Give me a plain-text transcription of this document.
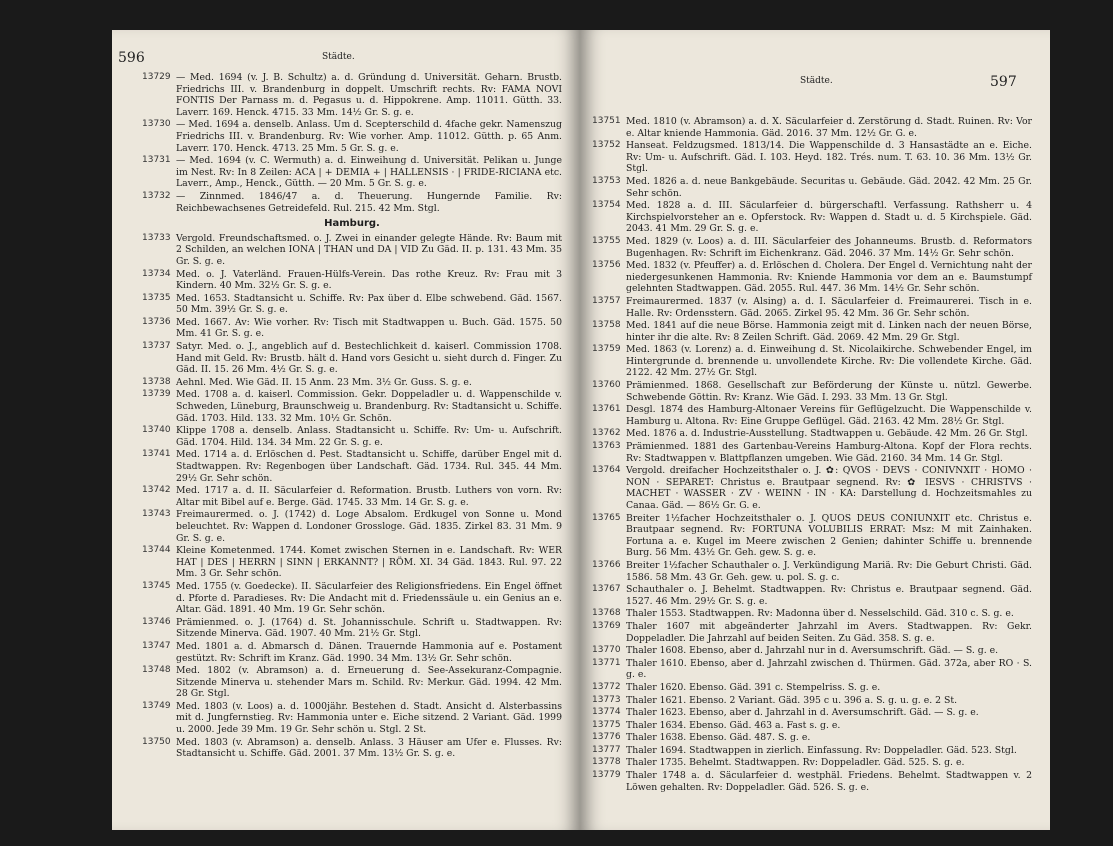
596	Städte.
13729 — Med. 1694 (v. J. B. Schultz) a. d. Gründung d. Universität. Geharn. Brustb. Friedrichs III. v. Brandenburg in doppelt. Umschrift rechts. Rv: FAMA NOVI FONTIS Der Parnass m. d. Pegasus u. d. Hippokrene. Amp. 11011. Gütth. 33. Laverr. 169. Henck. 4715. 33 Mm. 14½ Gr. S. g. e.
13730 — Med. 1694 a. denselb. Anlass. Um d. Scepterschild d. 4fache gekr. Namenszug Friedrichs III. v. Brandenburg. Rv: Wie vorher. Amp. 11012. Gütth. p. 65 Anm. Laverr. 170. Henck. 4713. 25 Mm. 5 Gr. S. g. e.
13731 — Med. 1694 (v. C. Wermuth) a. d. Einweihung d. Universität. Pelikan u. Junge im Nest. Rv: In 8 Zeilen: ACA | + DEMIA + | HALLENSIS · | FRIDE-RICIANA etc. Laverr., Amp., Henck., Gütth. — 20 Mm. 5 Gr. S. g. e.
13732 — Zinnmed. 1846/47 a. d. Theuerung. Hungernde Familie. Rv: Reichbewachsenes Getreidefeld. Rul. 215. 42 Mm. Stgl.
Hamburg.
13733 Vergold. Freundschaftsmed. o. J. Zwei in einander gelegte Hände. Rv: Baum mit 2 Schilden, an welchen IONA | THAN und DA | VID Zu Gäd. II. p. 131. 43 Mm. 35 Gr. S. g. e.
13734 Med. o. J. Vaterländ. Frauen-Hülfs-Verein. Das rothe Kreuz. Rv: Frau mit 3 Kindern. 40 Mm. 32½ Gr. S. g. e.
13735 Med. 1653. Stadtansicht u. Schiffe. Rv: Pax über d. Elbe schwebend. Gäd. 1567. 50 Mm. 39½ Gr. S. g. e.
13736 Med. 1667. Av: Wie vorher. Rv: Tisch mit Stadtwappen u. Buch. Gäd. 1575. 50 Mm. 41 Gr. S. g. e.
13737 Satyr. Med. o. J., angeblich auf d. Bestechlichkeit d. kaiserl. Commission 1708. Hand mit Geld. Rv: Brustb. hält d. Hand vors Gesicht u. sieht durch d. Finger. Zu Gäd. II. 15. 26 Mm. 4½ Gr. S. g. e.
13738 Aehnl. Med. Wie Gäd. II. 15 Anm. 23 Mm. 3½ Gr. Guss. S. g. e.
13739 Med. 1708 a. d. kaiserl. Commission. Gekr. Doppeladler u. d. Wappenschilde v. Schweden, Lüneburg, Braunschweig u. Brandenburg. Rv: Stadtansicht u. Schiffe. Gäd. 1703. Hild. 133. 32 Mm. 10½ Gr. Schön.
13740 Klippe 1708 a. denselb. Anlass. Stadtansicht u. Schiffe. Rv: Um- u. Aufschrift. Gäd. 1704. Hild. 134. 34 Mm. 22 Gr. S. g. e.
13741 Med. 1714 a. d. Erlöschen d. Pest. Stadtansicht u. Schiffe, darüber Engel mit d. Stadtwappen. Rv: Regenbogen über Landschaft. Gäd. 1734. Rul. 345. 44 Mm. 29½ Gr. Sehr schön.
13742 Med. 1717 a. d. II. Säcularfeier d. Reformation. Brustb. Luthers von vorn. Rv: Altar mit Bibel auf e. Berge. Gäd. 1745. 33 Mm. 14 Gr. S. g. e.
13743 Freimaurermed. o. J. (1742) d. Loge Absalom. Erdkugel von Sonne u. Mond beleuchtet. Rv: Wappen d. Londoner Grossloge. Gäd. 1835. Zirkel 83. 31 Mm. 9 Gr. S. g. e.
13744 Kleine Kometenmed. 1744. Komet zwischen Sternen in e. Landschaft. Rv: WER HAT | DES | HERRN | SINN | ERKANNT? | RÖM. XI. 34 Gäd. 1843. Rul. 97. 22 Mm. 3 Gr. Sehr schön.
13745 Med. 1755 (v. Goedecke). II. Säcularfeier des Religionsfriedens. Ein Engel öffnet d. Pforte d. Paradieses. Rv: Die Andacht mit d. Friedenssäule u. ein Genius an e. Altar. Gäd. 1891. 40 Mm. 19 Gr. Sehr schön.
13746 Prämienmed. o. J. (1764) d. St. Johannisschule. Schrift u. Stadtwappen. Rv: Sitzende Minerva. Gäd. 1907. 40 Mm. 21½ Gr. Stgl.
13747 Med. 1801 a. d. Abmarsch d. Dänen. Trauernde Hammonia auf e. Postament gestützt. Rv: Schrift im Kranz. Gäd. 1990. 34 Mm. 13½ Gr. Sehr schön.
13748 Med. 1802 (v. Abramson) a. d. Erneuerung d. See-Assekuranz-Compagnie. Sitzende Minerva u. stehender Mars m. Schild. Rv: Merkur. Gäd. 1994. 42 Mm. 28 Gr. Stgl.
13749 Med. 1803 (v. Loos) a. d. 1000jähr. Bestehen d. Stadt. Ansicht d. Alsterbassins mit d. Jungfernstieg. Rv: Hammonia unter e. Eiche sitzend. 2 Variant. Gäd. 1999 u. 2000. Jede 39 Mm. 19 Gr. Sehr schön u. Stgl. 2 St.
13750 Med. 1803 (v. Abramson) a. denselb. Anlass. 3 Häuser am Ufer e. Flusses. Rv: Stadtansicht u. Schiffe. Gäd. 2001. 37 Mm. 13½ Gr. S. g. e.
Städte.	597
13751 Med. 1810 (v. Abramson) a. d. X. Säcularfeier d. Zerstörung d. Stadt. Ruinen. Rv: Vor e. Altar kniende Hammonia. Gäd. 2016. 37 Mm. 12½ Gr. G. e.
13752 Hanseat. Feldzugsmed. 1813/14. Die Wappenschilde d. 3 Hansastädte an e. Eiche. Rv: Um- u. Aufschrift. Gäd. I. 103. Heyd. 182. Trés. num. T. 63. 10. 36 Mm. 13½ Gr. Stgl.
13753 Med. 1826 a. d. neue Bankgebäude. Securitas u. Gebäude. Gäd. 2042. 42 Mm. 25 Gr. Sehr schön.
13754 Med. 1828 a. d. III. Säcularfeier d. bürgerschaftl. Verfassung. Rathsherr u. 4 Kirchspielvorsteher an e. Opferstock. Rv: Wappen d. Stadt u. d. 5 Kirchspiele. Gäd. 2043. 41 Mm. 29 Gr. S. g. e.
13755 Med. 1829 (v. Loos) a. d. III. Säcularfeier des Johanneums. Brustb. d. Reformators Bugenhagen. Rv: Schrift im Eichenkranz. Gäd. 2046. 37 Mm. 14½ Gr. Sehr schön.
13756 Med. 1832 (v. Pfeuffer) a. d. Erlöschen d. Cholera. Der Engel d. Vernichtung naht der niedergesunkenen Hammonia. Rv: Kniende Hammonia vor dem an e. Baumstumpf gelehnten Stadtwappen. Gäd. 2055. Rul. 447. 36 Mm. 14½ Gr. Sehr schön.
13757 Freimaurermed. 1837 (v. Alsing) a. d. I. Säcularfeier d. Freimaurerei. Tisch in e. Halle. Rv: Ordensstern. Gäd. 2065. Zirkel 95. 42 Mm. 36 Gr. Sehr schön.
13758 Med. 1841 auf die neue Börse. Hammonia zeigt mit d. Linken nach der neuen Börse, hinter ihr die alte. Rv: 8 Zeilen Schrift. Gäd. 2069. 42 Mm. 29 Gr. Stgl.
13759 Med. 1863 (v. Lorenz) a. d. Einweihung d. St. Nicolaikirche. Schwebender Engel, im Hintergrunde d. brennende u. unvollendete Kirche. Rv: Die vollendete Kirche. Gäd. 2122. 42 Mm. 27½ Gr. Stgl.
13760 Prämienmed. 1868. Gesellschaft zur Beförderung der Künste u. nützl. Gewerbe. Schwebende Göttin. Rv: Kranz. Wie Gäd. I. 293. 33 Mm. 13 Gr. Stgl.
13761 Desgl. 1874 des Hamburg-Altonaer Vereins für Geflügelzucht. Die Wappenschilde v. Hamburg u. Altona. Rv: Eine Gruppe Geflügel. Gäd. 2163. 42 Mm. 28½ Gr. Stgl.
13762 Med. 1876 a. d. Industrie-Ausstellung. Stadtwappen u. Gebäude. 42 Mm. 26 Gr. Stgl.
13763 Prämienmed. 1881 des Gartenbau-Vereins Hamburg-Altona. Kopf der Flora rechts. Rv: Stadtwappen v. Blattpflanzen umgeben. Wie Gäd. 2160. 34 Mm. 14 Gr. Stgl.
13764 Vergold. dreifacher Hochzeitsthaler o. J. ✿: QVOS · DEVS · CONIVNXIT · HOMO · NON · SEPARET: Christus e. Brautpaar segnend. Rv: ✿ IESVS · CHRISTVS · MACHET · WASSER · ZV · WEINN · IN · KA: Darstellung d. Hochzeitsmahles zu Canaa. Gäd. — 86½ Gr. G. e.
13765 Breiter 1½facher Hochzeitsthaler o. J. QUOS DEUS CONIUNXIT etc. Christus e. Brautpaar segnend. Rv: FORTUNA VOLUBILIS ERRAT: Msz: M mit Zainhaken. Fortuna a. e. Kugel im Meere zwischen 2 Genien; dahinter Schiffe u. brennende Burg. 56 Mm. 43½ Gr. Geh. gew. S. g. e.
13766 Breiter 1½facher Schauthaler o. J. Verkündigung Mariä. Rv: Die Geburt Christi. Gäd. 1586. 58 Mm. 43 Gr. Geh. gew. u. pol. S. g. c.
13767 Schauthaler o. J. Behelmt. Stadtwappen. Rv: Christus e. Brautpaar segnend. Gäd. 1527. 46 Mm. 29½ Gr. S. g. e.
13768 Thaler 1553. Stadtwappen. Rv: Madonna über d. Nesselschild. Gäd. 310 c. S. g. e.
13769 Thaler 1607 mit abgeänderter Jahrzahl im Avers. Stadtwappen. Rv: Gekr. Doppeladler. Die Jahrzahl auf beiden Seiten. Zu Gäd. 358. S. g. e.
13770 Thaler 1608. Ebenso, aber d. Jahrzahl nur in d. Aversumschrift. Gäd. — S. g. e.
13771 Thaler 1610. Ebenso, aber d. Jahrzahl zwischen d. Thürmen. Gäd. 372a, aber RO · S. g. e.
13772 Thaler 1620. Ebenso. Gäd. 391 c. Stempelriss. S. g. e.
13773 Thaler 1621. Ebenso. 2 Variant. Gäd. 395 c u. 396 a. S. g. u. g. e. 2 St.
13774 Thaler 1623. Ebenso, aber d. Jahrzahl in d. Aversumschrift. Gäd. — S. g. e.
13775 Thaler 1634. Ebenso. Gäd. 463 a. Fast s. g. e.
13776 Thaler 1638. Ebenso. Gäd. 487. S. g. e.
13777 Thaler 1694. Stadtwappen in zierlich. Einfassung. Rv: Doppeladler. Gäd. 523. Stgl.
13778 Thaler 1735. Behelmt. Stadtwappen. Rv: Doppeladler. Gäd. 525. S. g. e.
13779 Thaler 1748 a. d. Säcularfeier d. westphäl. Friedens. Behelmt. Stadtwappen v. 2 Löwen gehalten. Rv: Doppeladler. Gäd. 526. S. g. e.
